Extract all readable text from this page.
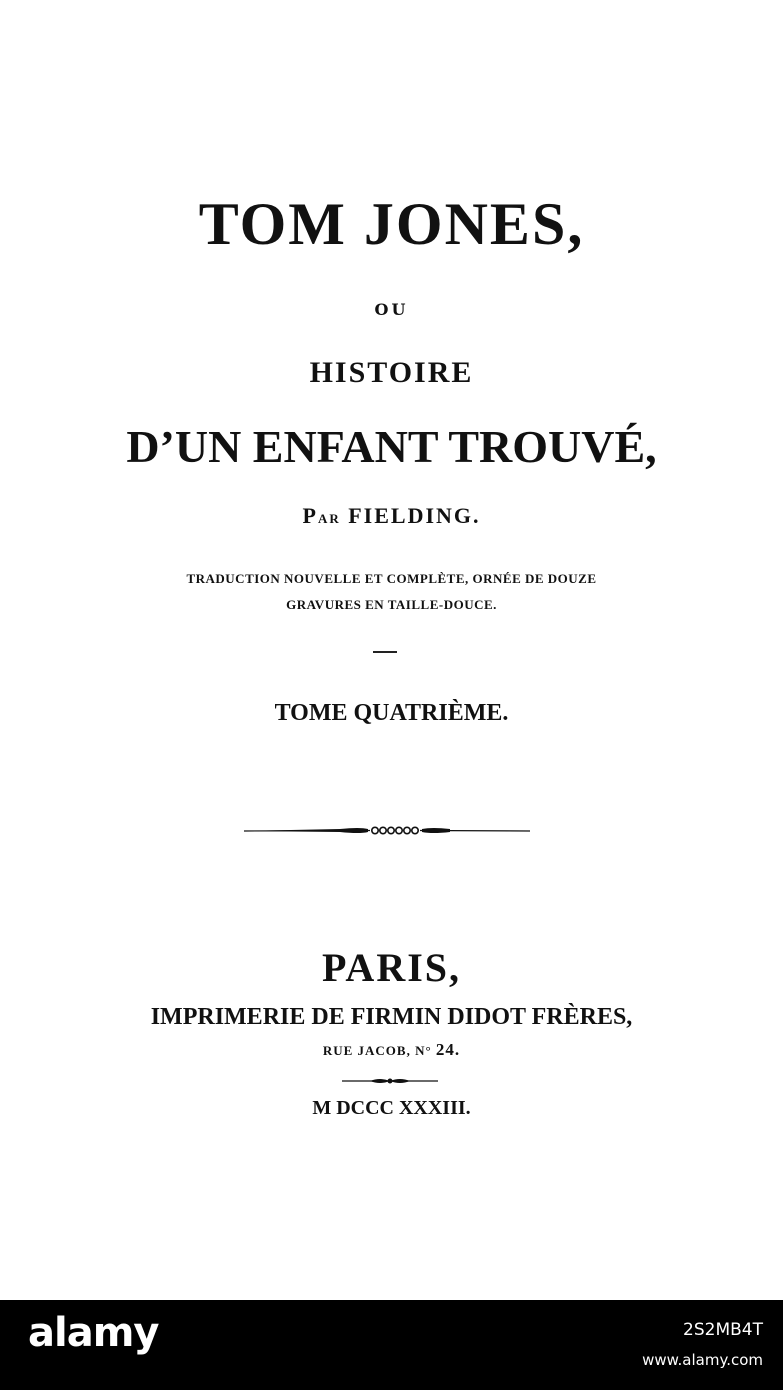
TOM JONES,
OU
HISTOIRE
D’UN ENFANT TROUVÉ,
PAR FIELDING.
TRADUCTION NOUVELLE ET COMPLÈTE, ORNÉE DE DOUZE
GRAVURES EN TAILLE-DOUCE.
TOME QUATRIÈME.
PARIS,
IMPRIMERIE DE FIRMIN DIDOT FRÈRES,
RUE JACOB, N° 24.
M DCCC XXXIII.
alamy	2S2MB4T
www.alamy.com
